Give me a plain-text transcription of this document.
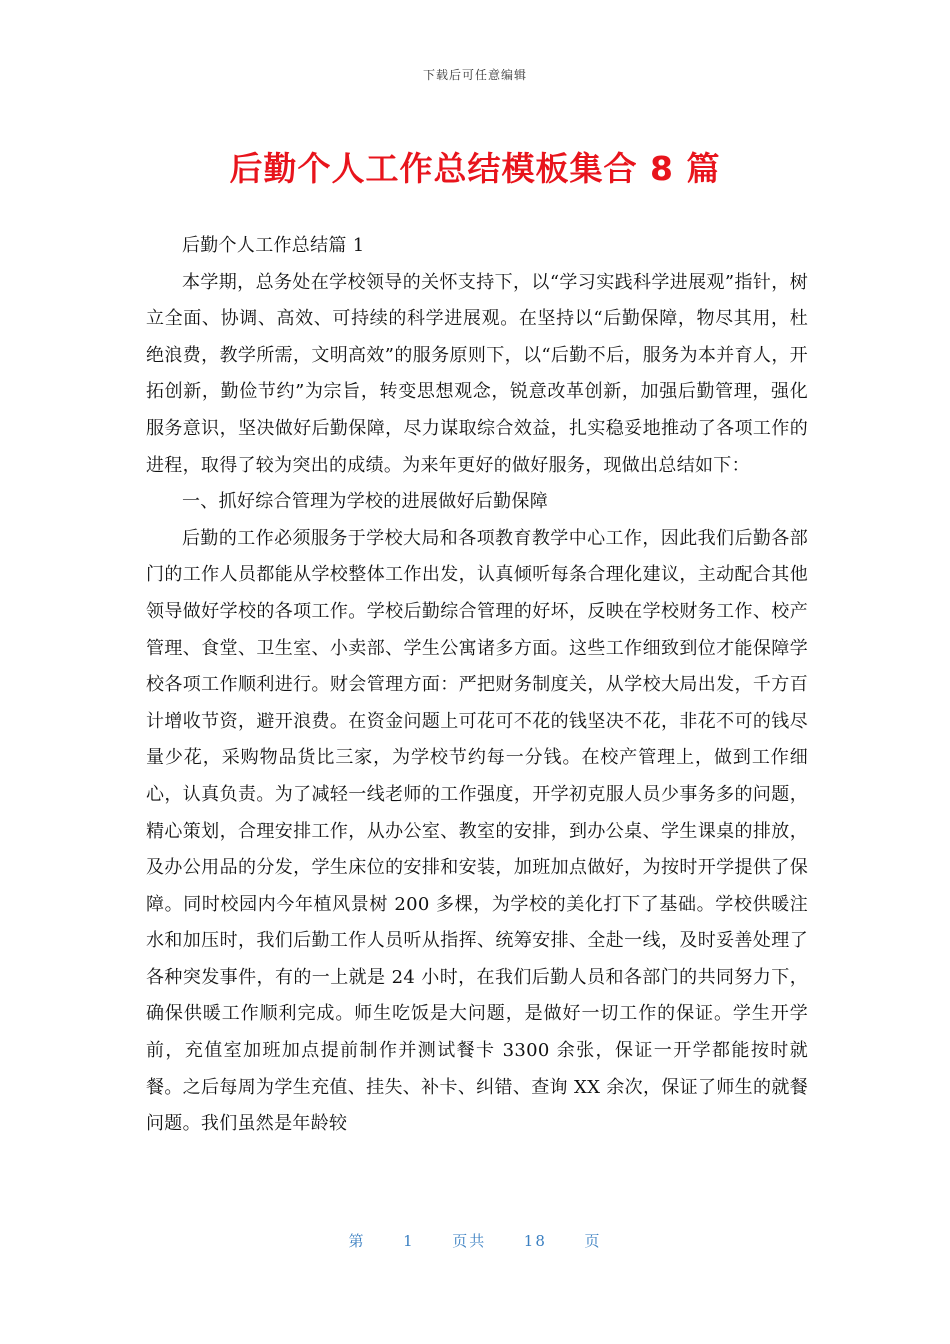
下载后可任意编辑
后勤个人工作总结模板集合 8 篇

后勤个人工作总结篇 1

本学期，总务处在学校领导的关怀支持下，以“学习实践科学进展观”指针，树立全面、协调、高效、可持续的科学进展观。在坚持以“后勤保障，物尽其用，杜绝浪费，教学所需，文明高效”的服务原则下，以“后勤不后，服务为本并育人，开拓创新，勤俭节约”为宗旨，转变思想观念，锐意改革创新，加强后勤管理，强化服务意识，坚决做好后勤保障，尽力谋取综合效益，扎实稳妥地推动了各项工作的进程，取得了较为突出的成绩。为来年更好的做好服务，现做出总结如下：

一、抓好综合管理为学校的进展做好后勤保障

后勤的工作必须服务于学校大局和各项教育教学中心工作，因此我们后勤各部门的工作人员都能从学校整体工作出发，认真倾听每条合理化建议，主动配合其他领导做好学校的各项工作。学校后勤综合管理的好坏，反映在学校财务工作、校产管理、食堂、卫生室、小卖部、学生公寓诸多方面。这些工作细致到位才能保障学校各项工作顺利进行。财会管理方面：严把财务制度关，从学校大局出发，千方百计增收节资，避开浪费。在资金问题上可花可不花的钱坚决不花，非花不可的钱尽量少花，采购物品货比三家，为学校节约每一分钱。在校产管理上，做到工作细心，认真负责。为了减轻一线老师的工作强度，开学初克服人员少事务多的问题，精心策划，合理安排工作，从办公室、教室的安排，到办公桌、学生课桌的排放，及办公用品的分发，学生床位的安排和安装，加班加点做好，为按时开学提供了保障。同时校园内今年植风景树 200 多棵，为学校的美化打下了基础。学校供暖注水和加压时，我们后勤工作人员听从指挥、统筹安排、全赴一线，及时妥善处理了各种突发事件，有的一上就是 24 小时，在我们后勤人员和各部门的共同努力下，确保供暖工作顺利完成。师生吃饭是大问题，是做好一切工作的保证。学生开学前，充值室加班加点提前制作并测试餐卡 3300 余张，保证一开学都能按时就餐。之后每周为学生充值、挂失、补卡、纠错、查询 XX 余次，保证了师生的就餐问题。我们虽然是年龄较

第	1	页共	18	页
